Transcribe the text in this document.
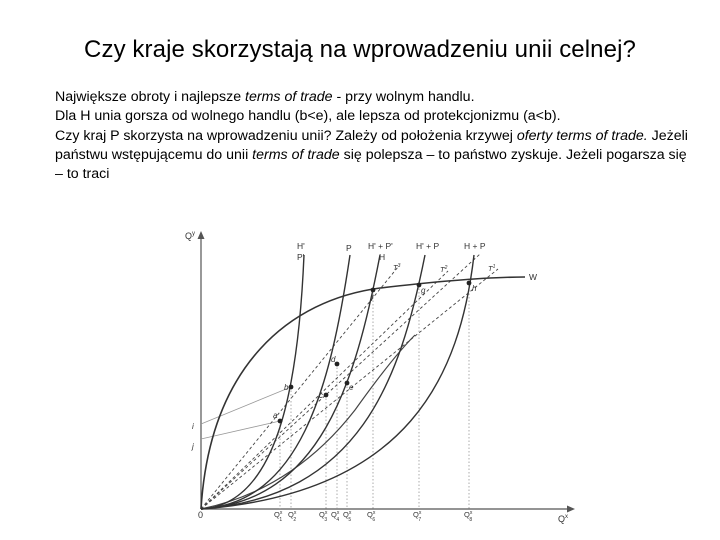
Czy kraje skorzystają na wprowadzeniu unii celnej?

Największe obroty i najlepsze terms of trade - przy wolnym handlu.

Dla H unia gorsza od wolnego handlu (b<e), ale lepsza od protekcjonizmu (a<b).

Czy kraj P skorzysta na wprowadzeniu unii? Zależy od położenia krzywej oferty terms of trade. Jeżeli państwu wstępującemu do unii terms of trade się polepsza – to państwo zyskuje. Jeżeli pogarsza się – to traci

$Q^y$
$Q^x$
0
a
b
c
d
e
f
g	h
i
j
H'
P'
P H' + P'
H
H' + P	H + P
W
$T^3$	$T^2$	$T^1$
$Q^x$ 1
$Q^x$ 2
$Q^x$ 3
$Q^x$ 4
$Q^x$ 5
$Q^x$ 6
$Q^x$ 7
$Q^x$ 8
